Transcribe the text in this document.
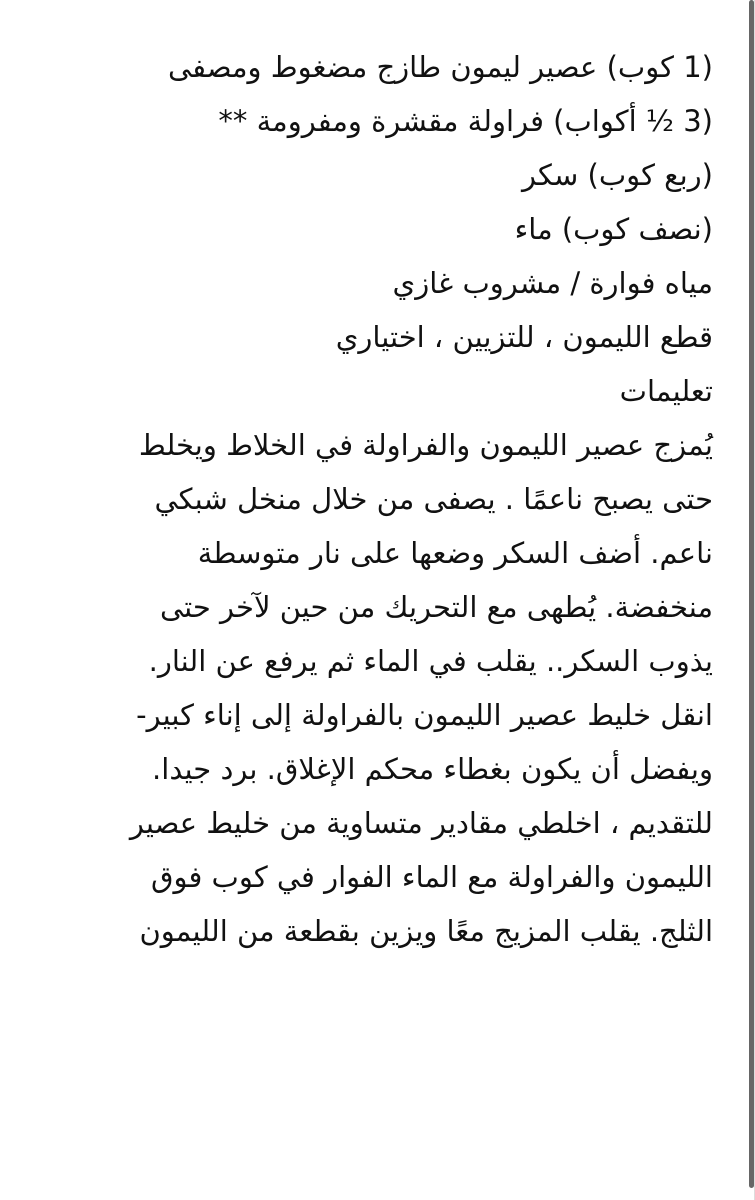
(1 كوب) عصير ليمون طازج مضغوط ومصفى
(3 ½ أكواب) فراولة مقشرة ومفرومة **
(ربع كوب) سكر
(نصف كوب) ماء
مياه فوارة / مشروب غازي
قطع الليمون ، للتزيين ، اختياري
تعليمات
يُمزج عصير الليمون والفراولة في الخلاط ويخلط
حتى يصبح ناعمًا . يصفى من خلال منخل شبكي
ناعم. أضف السكر وضعها على نار متوسطة
منخفضة. يُطهى مع التحريك من حين لآخر حتى
يذوب السكر.. يقلب في الماء ثم يرفع عن النار.
انقل خليط عصير الليمون بالفراولة إلى إناء كبير-
ويفضل أن يكون بغطاء محكم الإغلاق. برد جيدا.
للتقديم ، اخلطي مقادير متساوية من خليط عصير
الليمون والفراولة مع الماء الفوار في كوب فوق
الثلج. يقلب المزيج معًا ويزين بقطعة من الليمون
